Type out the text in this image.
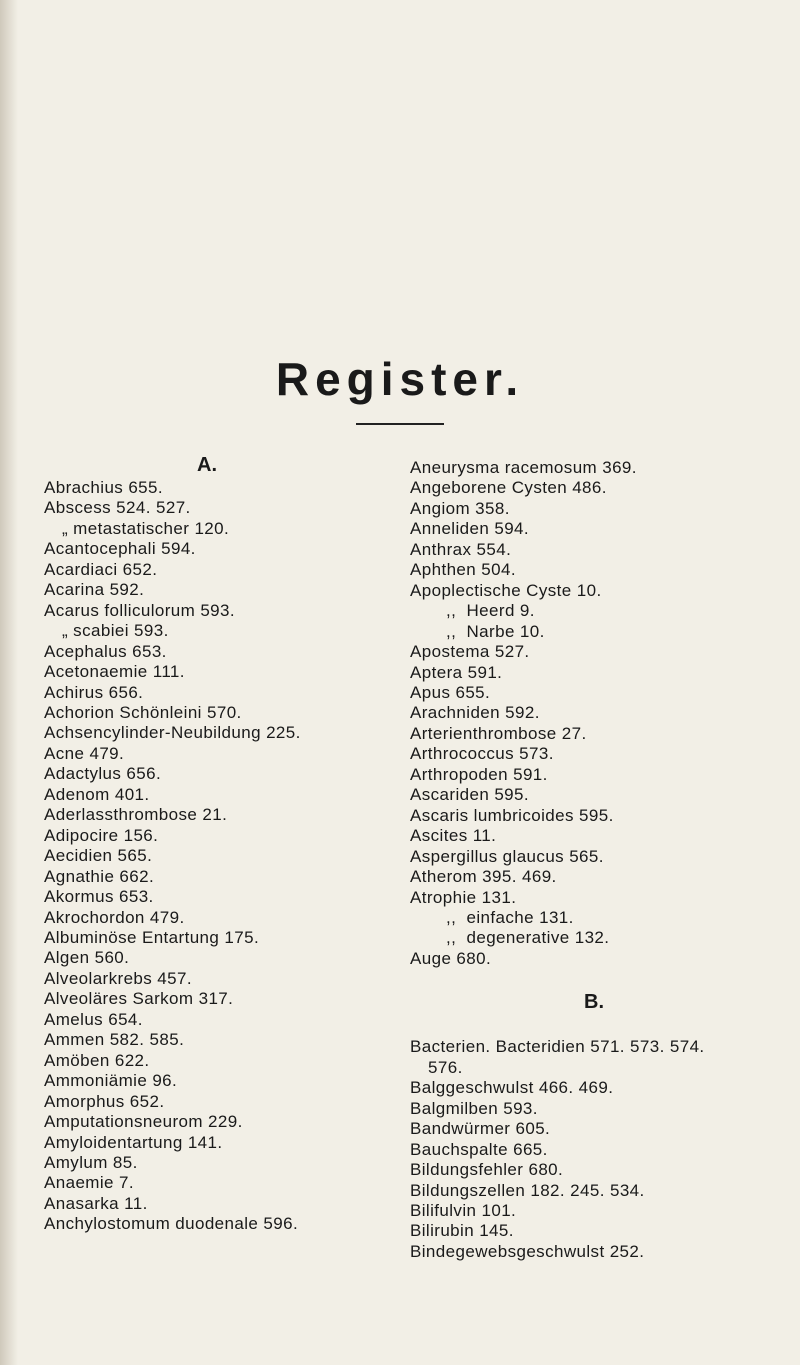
Register.
A.
Abrachius 655.
Abscess 524. 527.
„ metastatischer 120.
Acantocephali 594.
Acardiaci 652.
Acarina 592.
Acarus folliculorum 593.
„ scabiei 593.
Acephalus 653.
Acetonaemie 111.
Achirus 656.
Achorion Schönleini 570.
Achsencylinder-Neubildung 225.
Acne 479.
Adactylus 656.
Adenom 401.
Aderlassthrombose 21.
Adipocire 156.
Aecidien 565.
Agnathie 662.
Akormus 653.
Akrochordon 479.
Albuminöse Entartung 175.
Algen 560.
Alveolarkrebs 457.
Alveoläres Sarkom 317.
Amelus 654.
Ammen 582. 585.
Amöben 622.
Ammoniämie 96.
Amorphus 652.
Amputationsneurom 229.
Amyloidentartung 141.
Amylum 85.
Anaemie 7.
Anasarka 11.
Anchylostomum duodenale 596.
Aneurysma racemosum 369.
Angeborene Cysten 486.
Angiom 358.
Anneliden 594.
Anthrax 554.
Aphthen 504.
Apoplectische Cyste 10.
,,  Heerd 9.
,,  Narbe 10.
Apostema 527.
Aptera 591.
Apus 655.
Arachniden 592.
Arterienthrombose 27.
Arthrococcus 573.
Arthropoden 591.
Ascariden 595.
Ascaris lumbricoides 595.
Ascites 11.
Aspergillus glaucus 565.
Atherom 395. 469.
Atrophie 131.
,,  einfache 131.
,,  degenerative 132.
Auge 680.
B.
Bacterien. Bacteridien 571. 573. 574.
576.
Balggeschwulst 466. 469.
Balgmilben 593.
Bandwürmer 605.
Bauchspalte 665.
Bildungsfehler 680.
Bildungszellen 182. 245. 534.
Bilifulvin 101.
Bilirubin 145.
Bindegewebsgeschwulst 252.
